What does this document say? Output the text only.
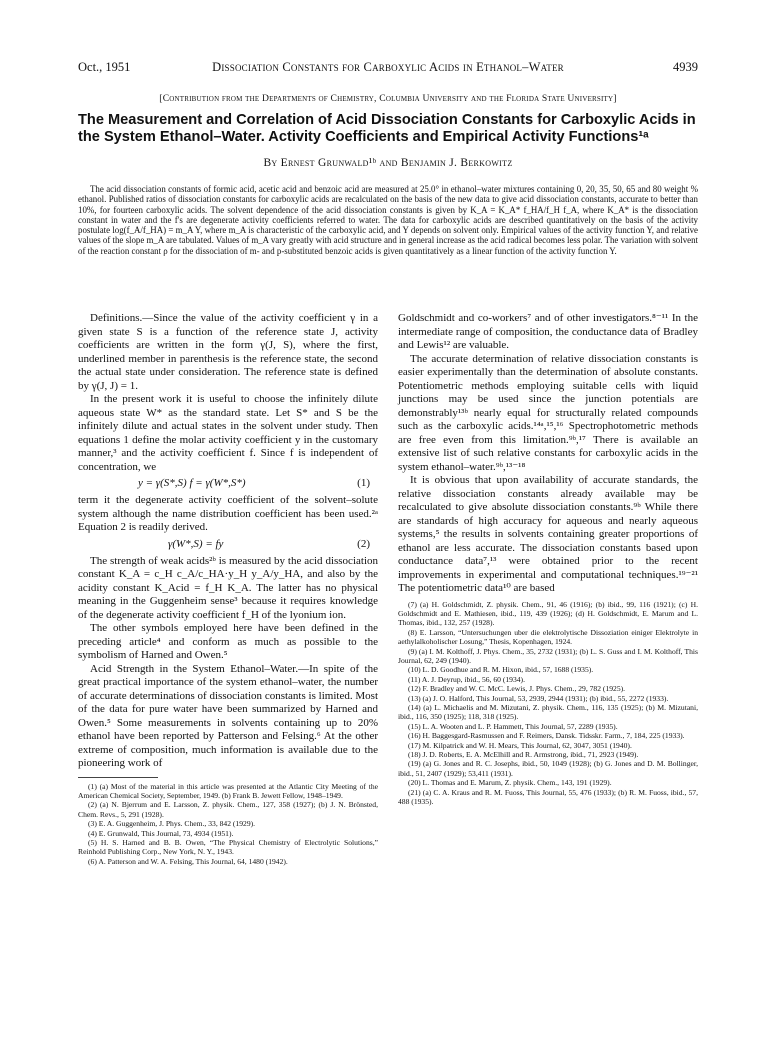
Oct., 1951	Dissociation Constants for Carboxylic Acids in Ethanol–Water	4939
[Contribution from the Departments of Chemistry, Columbia University and the Florida State University]
The Measurement and Correlation of Acid Dissociation Constants for Carboxylic Acids in the System Ethanol–Water. Activity Coefficients and Empirical Activity Functions¹ᵃ
By Ernest Grunwald¹ᵇ and Benjamin J. Berkowitz

The acid dissociation constants of formic acid, acetic acid and benzoic acid are measured at 25.0° in ethanol–water mixtures containing 0, 20, 35, 50, 65 and 80 weight % ethanol. Published ratios of dissociation constants for carboxylic acids are recalculated on the basis of the new data to give acid dissociation constants, accurate to better than 10%, for fourteen carboxylic acids. The solvent dependence of the acid dissociation constants is given by K_A = K_A* f_HA/f_H f_A, where K_A* is the dissociation constant in water and the f's are degenerate activity coefficients referred to water. The data for carboxylic acids are described quantitatively on the basis of the activity postulate log(f_A/f_HA) = m_A Y, where m_A is characteristic of the carboxylic acid, and Y depends on solvent only. Empirical values of the activity function Y, and relative values of the slope m_A are tabulated. Values of m_A vary greatly with acid structure and in general increase as the acid radical becomes less polar. The variation with solvent of the reaction constant ρ for the dissociation of m- and p-substituted benzoic acids is given quantitatively as a linear function of the activity function Y.

Definitions.—Since the value of the activity coefficient γ in a given state S is a function of the reference state J, activity coefficients are written in the form γ(J, S), where the first, underlined member in parenthesis is the reference state, the second the actual state under consideration. The reference state is defined by γ(J, J) = 1.

In the present work it is useful to choose the infinitely dilute aqueous state W* as the standard state. Let S* and S be the infinitely dilute and actual states in the solvent under study. Then equations 1 define the molar activity coefficient y in the customary manner,³ and the activity coefficient f. Since f is independent of concentration, we

y = γ(S*,S) f = γ(W*,S*)	(1)

term it the degenerate activity coefficient of the solvent–solute system although the name distribution coefficient has been used.²ᵃ Equation 2 is readily derived.

γ(W*,S) = fy	(2)

The strength of weak acids²ᵇ is measured by the acid dissociation constant K_A = c_H c_A/c_HA·y_H y_A/y_HA, and also by the acidity constant K_Acid = f_H K_A. The latter has no physical meaning in the Guggenheim sense³ because it requires knowledge of the degenerate activity coefficient f_H of the lyonium ion.

The other symbols employed here have been defined in the preceding article⁴ and conform as much as possible to the symbolism of Harned and Owen.⁵

Acid Strength in the System Ethanol–Water.—In spite of the great practical importance of the system ethanol–water, the number of accurate determinations of dissociation constants is limited. Most of the data for pure water have been summarized by Harned and Owen.⁵ Some measurements in solvents containing up to 20% ethanol have been reported by Patterson and Felsing.⁶ At the other extreme of composition, much information is available due to the pioneering work of

(1) (a) Most of the material in this article was presented at the Atlantic City Meeting of the American Chemical Society, September, 1949. (b) Frank B. Jewett Fellow, 1948–1949.

(2) (a) N. Bjerrum and E. Larsson, Z. physik. Chem., 127, 358 (1927); (b) J. N. Brönsted, Chem. Revs., 5, 291 (1928).

(3) E. A. Guggenheim, J. Phys. Chem., 33, 842 (1929).

(4) E. Grunwald, This Journal, 73, 4934 (1951).

(5) H. S. Harned and B. B. Owen, “The Physical Chemistry of Electrolytic Solutions,” Reinhold Publishing Corp., New York, N. Y., 1943.

(6) A. Patterson and W. A. Felsing, This Journal, 64, 1480 (1942).

Goldschmidt and co-workers⁷ and of other investigators.⁸⁻¹¹ In the intermediate range of composition, the conductance data of Bradley and Lewis¹² are valuable.

The accurate determination of relative dissociation constants is easier experimentally than the determination of absolute constants. Potentiometric methods employing suitable cells with liquid junctions may be used since the junction potentials are demonstrably¹³ᵇ nearly equal for structurally related compounds such as the carboxylic acids.¹⁴ᵃ,¹⁵,¹⁶ Spectrophotometric methods are free even from this limitation.⁹ᵇ,¹⁷ There is available an extensive list of such relative constants for carboxylic acids in the system ethanol–water.⁹ᵇ,¹³⁻¹⁸

It is obvious that upon availability of accurate standards, the relative dissociation constants already available may be recalculated to give absolute dissociation constants.⁹ᵇ While there are standards of high accuracy for aqueous and nearly aqueous systems,⁵ the results in solvents containing greater proportions of ethanol are less accurate. The dissociation constants based upon conductance data⁷,¹³ were obtained prior to the recent improvements in experimental and computational techniques.¹⁹⁻²¹ The potentiometric data¹⁰ are based

(7) (a) H. Goldschmidt, Z. physik. Chem., 91, 46 (1916); (b) ibid., 99, 116 (1921); (c) H. Goldschmidt and E. Mathiesen, ibid., 119, 439 (1926); (d) H. Goldschmidt, E. Marum and L. Thomas, ibid., 132, 257 (1928).

(8) E. Larsson, “Untersuchungen uber die elektrolytische Dissoziation einiger Elektrolyte in aethylalkoholischer Losung,” Thesis, Kopenhagen, 1924.

(9) (a) I. M. Kolthoff, J. Phys. Chem., 35, 2732 (1931); (b) L. S. Guss and I. M. Kolthoff, This Journal, 62, 249 (1940).

(10) L. D. Goodhue and R. M. Hixon, ibid., 57, 1688 (1935).

(11) A. J. Deyrup, ibid., 56, 60 (1934).

(12) F. Bradley and W. C. McC. Lewis, J. Phys. Chem., 29, 782 (1925).

(13) (a) J. O. Halford, This Journal, 53, 2939, 2944 (1931); (b) ibid., 55, 2272 (1933).

(14) (a) L. Michaelis and M. Mizutani, Z. physik. Chem., 116, 135 (1925); (b) M. Mizutani, ibid., 116, 350 (1925); 118, 318 (1925).

(15) L. A. Wooten and L. P. Hammett, This Journal, 57, 2289 (1935).

(16) H. Baggesgard-Rasmussen and F. Reimers, Dansk. Tidsskr. Farm., 7, 184, 225 (1933).

(17) M. Kilpatrick and W. H. Mears, This Journal, 62, 3047, 3051 (1940).

(18) J. D. Roberts, E. A. McElhill and R. Armstrong, ibid., 71, 2923 (1949).

(19) (a) G. Jones and R. C. Josephs, ibid., 50, 1049 (1928); (b) G. Jones and D. M. Bollinger, ibid., 51, 2407 (1929); 53,411 (1931).

(20) L. Thomas and E. Marum, Z. physik. Chem., 143, 191 (1929).

(21) (a) C. A. Kraus and R. M. Fuoss, This Journal, 55, 476 (1933); (b) R. M. Fuoss, ibid., 57, 488 (1935).
